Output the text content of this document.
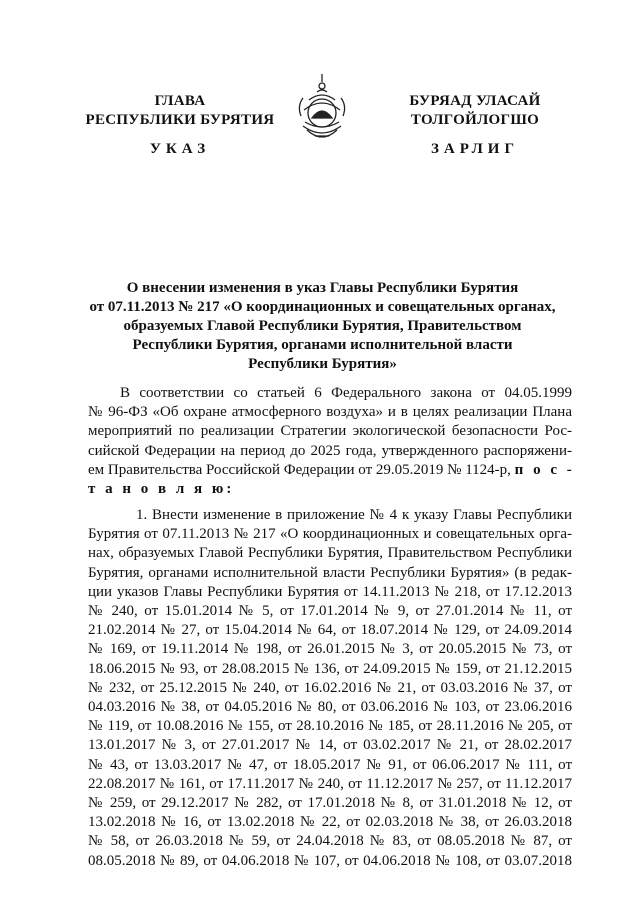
ГЛАВА
РЕСПУБЛИКИ БУРЯТИЯ
БУРЯАД УЛАСАЙ
ТОЛГОЙЛОГШО
УКАЗ	ЗАРЛИГ
О внесении изменения в указ Главы Республики Бурятия
от 07.11.2013 № 217 «О координационных и совещательных органах,
образуемых Главой Республики Бурятия, Правительством
Республики Бурятия, органами исполнительной власти
Республики Бурятия»
В соответствии со статьей 6 Федерального закона от 04.05.1999
№ 96-ФЗ «Об охране атмосферного воздуха» и в целях реализации Плана
мероприятий по реализации Стратегии экологической безопасности Рос-
сийской Федерации на период до 2025 года, утвержденного распоряжени-
ем Правительства Российской Федерации от 29.05.2019 № 1124-р, п о с -
т а н о в л я ю:
1. Внести изменение в приложение № 4 к указу Главы Республики
Бурятия от 07.11.2013 № 217 «О координационных и совещательных орга-
нах, образуемых Главой Республики Бурятия, Правительством Республики
Бурятия, органами исполнительной власти Республики Бурятия» (в редак-
ции указов Главы Республики Бурятия от 14.11.2013 № 218, от 17.12.2013
№ 240, от 15.01.2014 № 5, от 17.01.2014 № 9, от 27.01.2014 № 11, от
21.02.2014 № 27, от 15.04.2014 № 64, от 18.07.2014 № 129, от 24.09.2014
№ 169, от 19.11.2014 № 198, от 26.01.2015 № 3, от 20.05.2015 № 73, от
18.06.2015 № 93, от 28.08.2015 № 136, от 24.09.2015 № 159, от 21.12.2015
№ 232, от 25.12.2015 № 240, от 16.02.2016 № 21, от 03.03.2016 № 37, от
04.03.2016 № 38, от 04.05.2016 № 80, от 03.06.2016 № 103, от 23.06.2016
№ 119, от 10.08.2016 № 155, от 28.10.2016 № 185, от 28.11.2016 № 205, от
13.01.2017 № 3, от 27.01.2017 № 14, от 03.02.2017 № 21, от 28.02.2017
№ 43, от 13.03.2017 № 47, от 18.05.2017 № 91, от 06.06.2017 № 111, от
22.08.2017 № 161, от 17.11.2017 № 240, от 11.12.2017 № 257, от 11.12.2017
№ 259, от 29.12.2017 № 282, от 17.01.2018 № 8, от 31.01.2018 № 12, от
13.02.2018 № 16, от 13.02.2018 № 22, от 02.03.2018 № 38, от 26.03.2018
№ 58, от 26.03.2018 № 59, от 24.04.2018 № 83, от 08.05.2018 № 87, от
08.05.2018 № 89, от 04.06.2018 № 107, от 04.06.2018 № 108, от 03.07.2018
